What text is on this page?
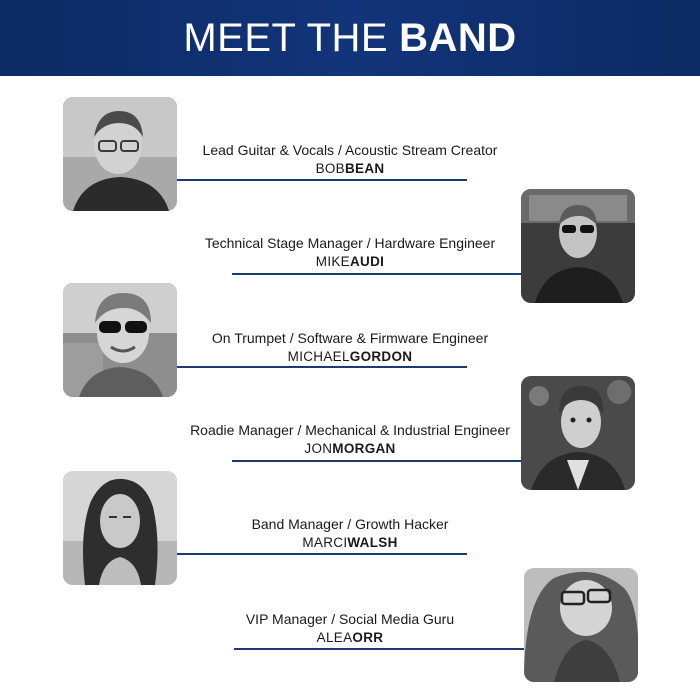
MEET THE BAND
Lead Guitar & Vocals / Acoustic Stream Creator
BOBBEAN
Technical Stage Manager / Hardware Engineer
MIKEAUDI
On Trumpet / Software & Firmware Engineer
MICHAELGORDON
Roadie Manager / Mechanical & Industrial Engineer
JONMORGAN
Band Manager / Growth Hacker
MARCIWALSH
VIP Manager / Social Media Guru
ALEAORR
